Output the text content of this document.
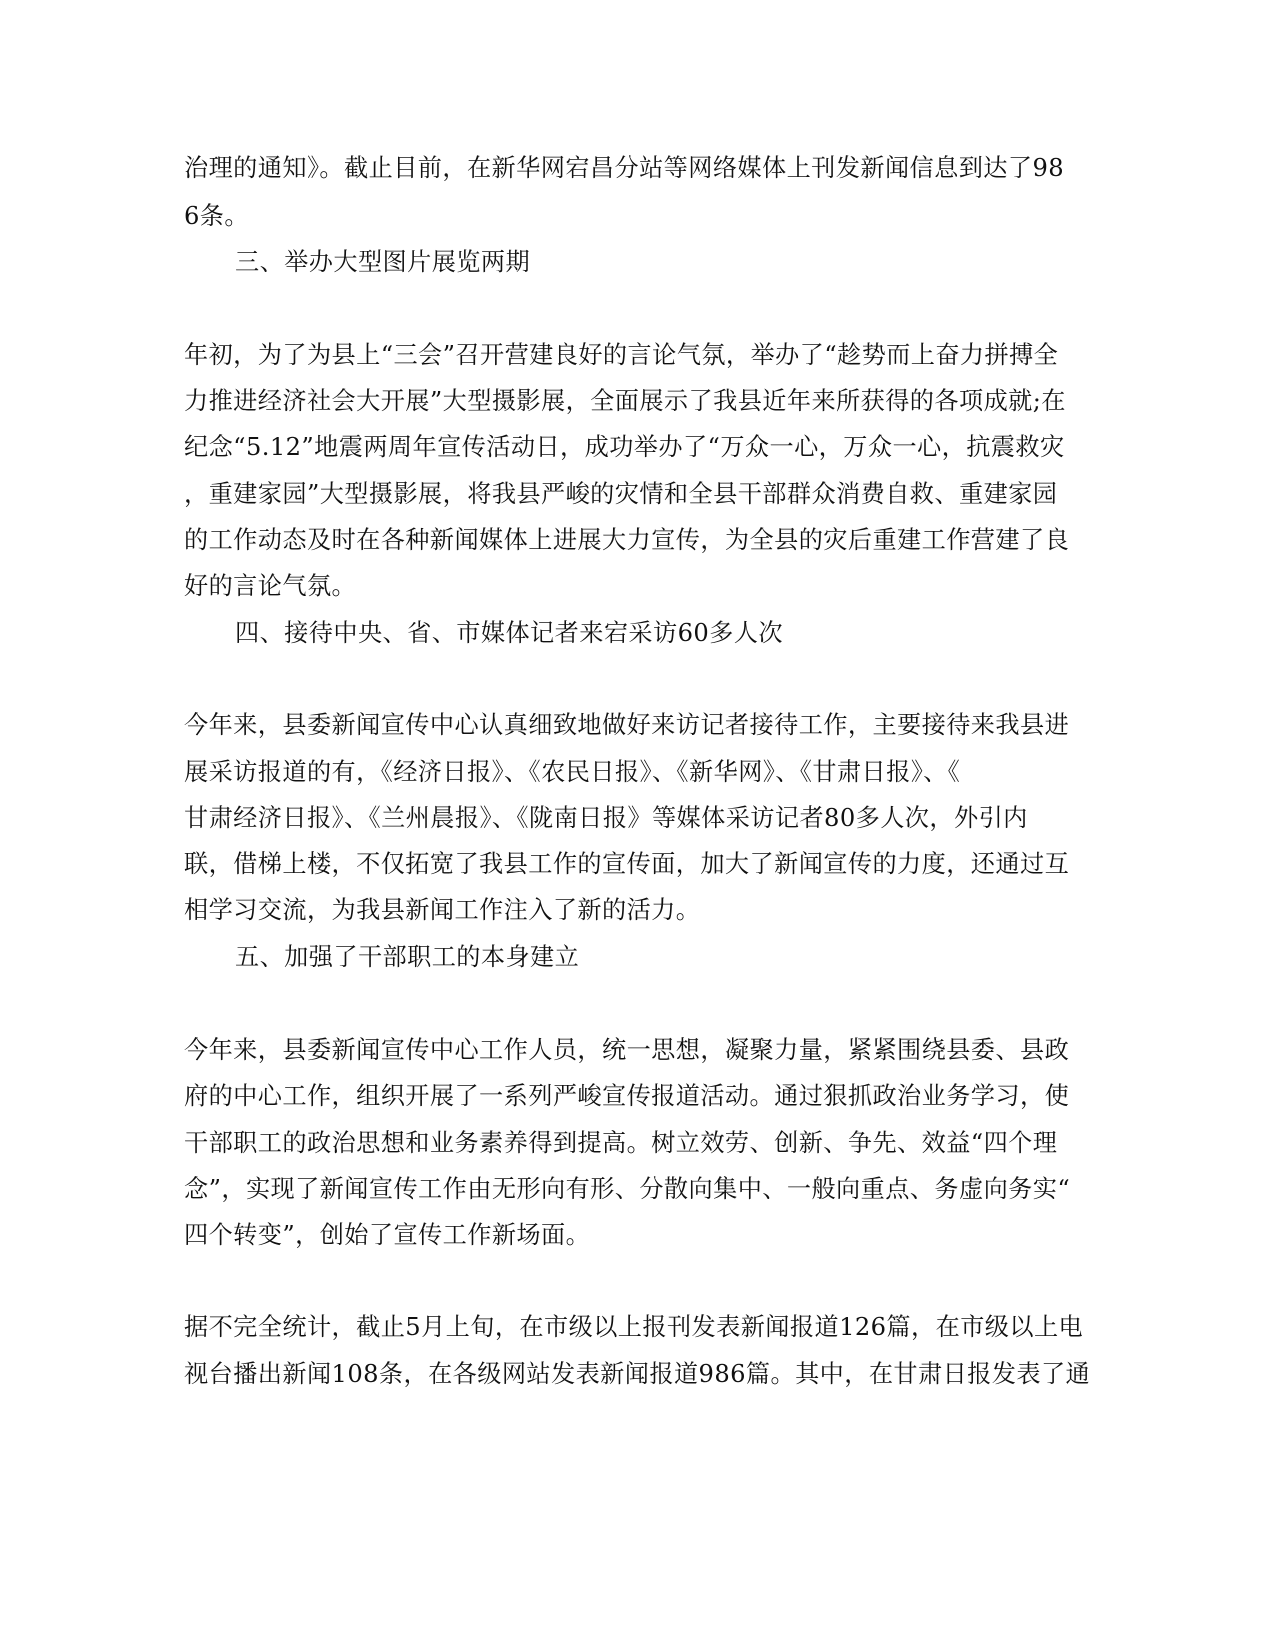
治理的通知》。截止目前，在新华网宕昌分站等网络媒体上刊发新闻信息到达了98
6条。
三、举办大型图片展览两期
年初，为了为县上“三会”召开营建良好的言论气氛，举办了“趁势而上奋力拼搏全
力推进经济社会大开展”大型摄影展，全面展示了我县近年来所获得的各项成就;在
纪念“5.12”地震两周年宣传活动日，成功举办了“万众一心，万众一心，抗震救灾
，重建家园”大型摄影展，将我县严峻的灾情和全县干部群众消费自救、重建家园
的工作动态及时在各种新闻媒体上进展大力宣传，为全县的灾后重建工作营建了良
好的言论气氛。
四、接待中央、省、市媒体记者来宕采访60多人次
今年来，县委新闻宣传中心认真细致地做好来访记者接待工作，主要接待来我县进
展采访报道的有，《经济日报》、《农民日报》、《新华网》、《甘肃日报》、《
甘肃经济日报》、《兰州晨报》、《陇南日报》等媒体采访记者80多人次，外引内
联，借梯上楼，不仅拓宽了我县工作的宣传面，加大了新闻宣传的力度，还通过互
相学习交流，为我县新闻工作注入了新的活力。
五、加强了干部职工的本身建立
今年来，县委新闻宣传中心工作人员，统一思想，凝聚力量，紧紧围绕县委、县政
府的中心工作，组织开展了一系列严峻宣传报道活动。通过狠抓政治业务学习，使
干部职工的政治思想和业务素养得到提高。树立效劳、创新、争先、效益“四个理
念”，实现了新闻宣传工作由无形向有形、分散向集中、一般向重点、务虚向务实“
四个转变”，创始了宣传工作新场面。
据不完全统计，截止5月上旬，在市级以上报刊发表新闻报道126篇，在市级以上电
视台播出新闻108条，在各级网站发表新闻报道986篇。其中，在甘肃日报发表了通
